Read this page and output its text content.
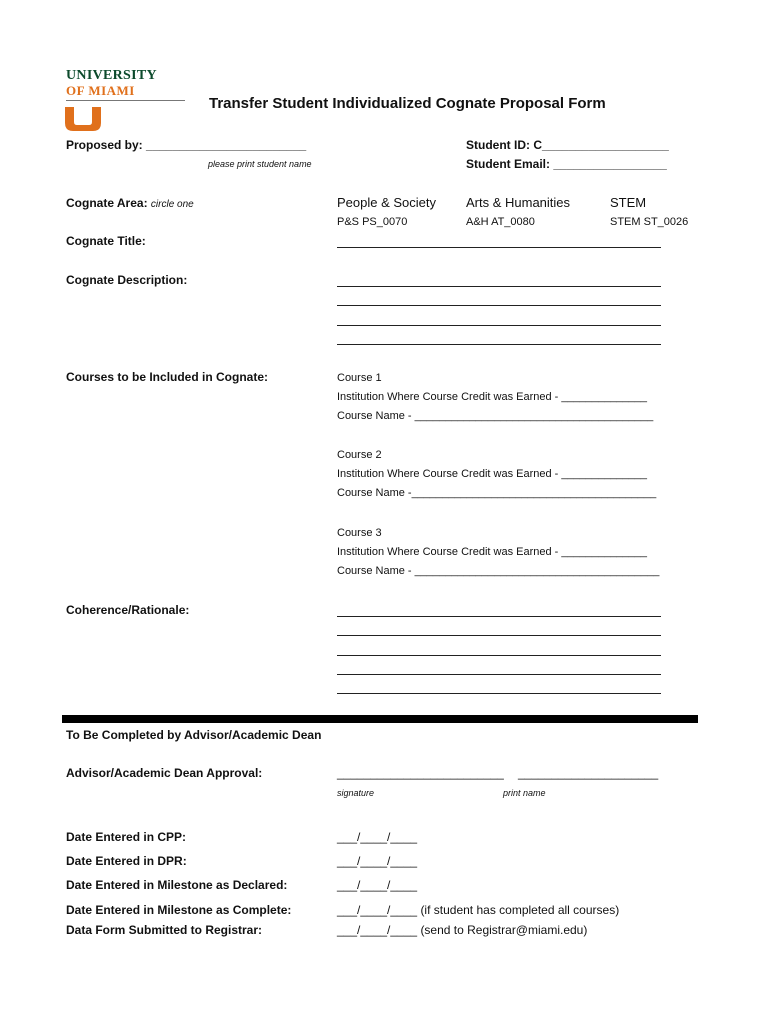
UNIVERSITY
OF MIAMI
Transfer Student Individualized Cognate Proposal Form
Proposed by: ________________________
please print student name
Student ID: C___________________
Student Email: _________________
Cognate Area: circle one	People & Society Arts & Humanities	STEM
P&S PS_0070	A&H AT_0080	STEM ST_0026
Cognate Title:
Cognate Description:
Courses to be Included in Cognate:	Course 1
Institution Where Course Credit was Earned - ______________
Course Name - _______________________________________
Course 2
Institution Where Course Credit was Earned - ______________
Course Name -________________________________________
Course 3
Institution Where Course Credit was Earned - ______________
Course Name - ________________________________________
Coherence/Rationale:
To Be Completed by Advisor/Academic Dean
Advisor/Academic Dean Approval:	_________________________ _____________________
signature	print name
Date Entered in CPP:	___/____/____
Date Entered in DPR:	___/____/____
Date Entered in Milestone as Declared:	___/____/____
Date Entered in Milestone as Complete:	___/____/____ (if student has completed all courses)
Data Form Submitted to Registrar:	___/____/____ (send to Registrar@miami.edu)
